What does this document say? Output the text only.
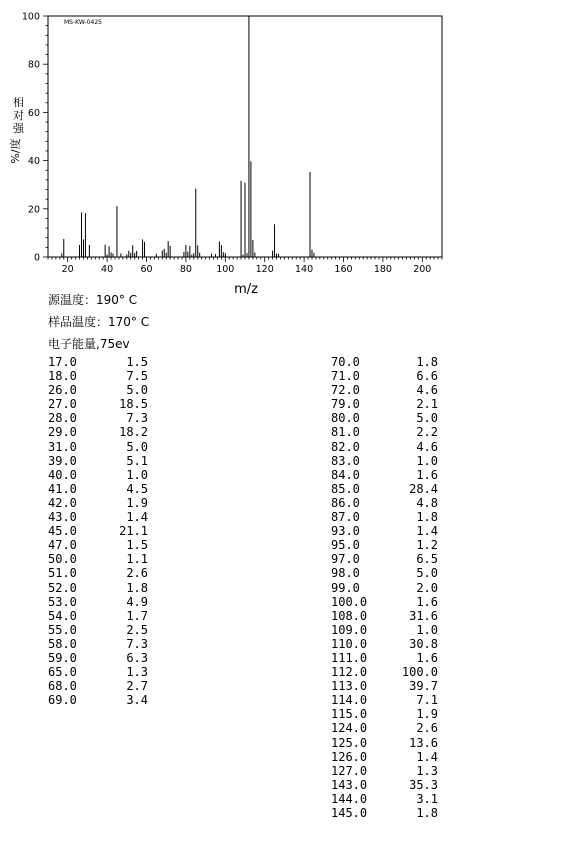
20	40	60	80	100 120 140 160 180 200
0
20
40
60
80
100	MS-KW-0425
m/z
%/度
相对强
源温度：190° C
样品温度：170° C
电子能量,75ev
17.0	1.5
18.0	7.5
26.0	5.0
27.0	18.5
28.0	7.3
29.0	18.2
31.0	5.0
39.0	5.1
40.0	1.0
41.0	4.5
42.0	1.9
43.0	1.4
45.0	21.1
47.0	1.5
50.0	1.1
51.0	2.6
52.0	1.8
53.0	4.9
54.0	1.7
55.0	2.5
58.0	7.3
59.0	6.3
65.0	1.3
68.0	2.7
69.0	3.4
70.0	1.8
71.0	6.6
72.0	4.6
79.0	2.1
80.0	5.0
81.0	2.2
82.0	4.6
83.0	1.0
84.0	1.6
85.0	28.4
86.0	4.8
87.0	1.8
93.0	1.4
95.0	1.2
97.0	6.5
98.0	5.0
99.0	2.0
100.0	1.6
108.0	31.6
109.0	1.0
110.0	30.8
111.0	1.6
112.0	100.0
113.0	39.7
114.0	7.1
115.0	1.9
124.0	2.6
125.0	13.6
126.0	1.4
127.0	1.3
143.0	35.3
144.0	3.1
145.0	1.8
